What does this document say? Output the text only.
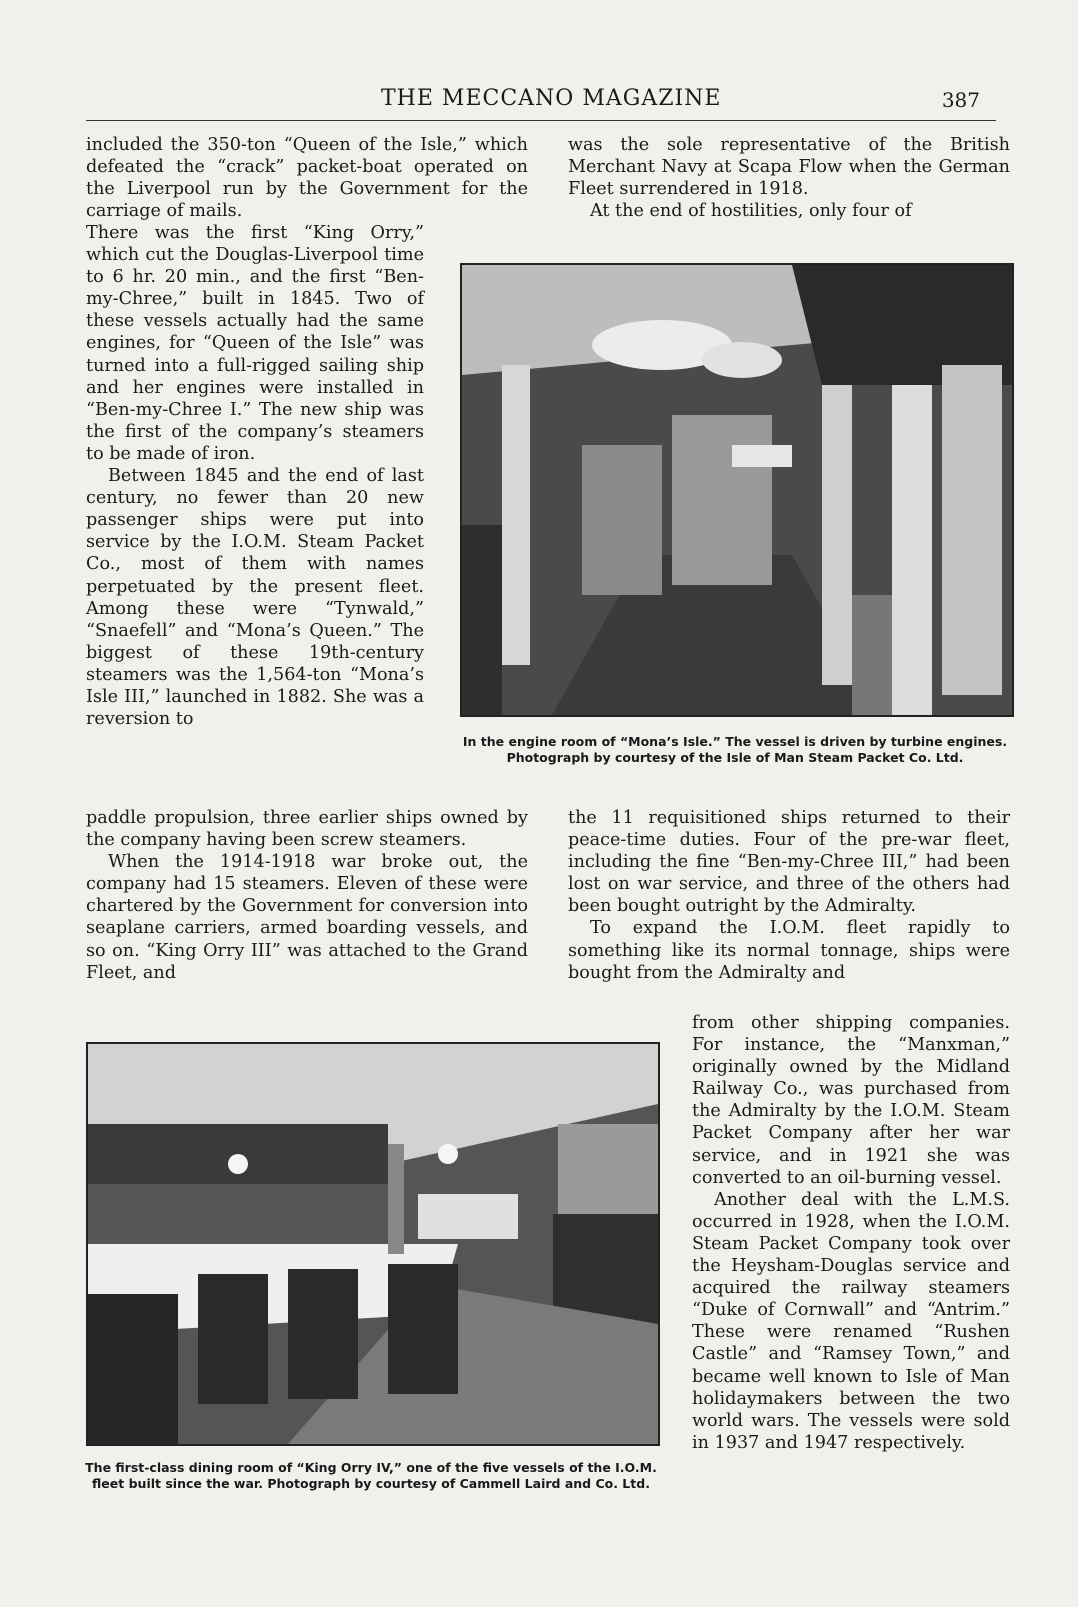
THE MECCANO MAGAZINE	387

included the 350-ton “Queen of the Isle,” which defeated the “crack” packet-boat operated on the Liverpool run by the Government for the carriage of mails.

There was the first “King Orry,” which cut the Douglas-Liverpool time to 6 hr. 20 min., and the first “Ben-my-Chree,” built in 1845. Two of these vessels actually had the same engines, for “Queen of the Isle” was turned into a full-rigged sailing ship and her engines were installed in “Ben-my-Chree I.” The new ship was the first of the company’s steamers to be made of iron.

Between 1845 and the end of last century, no fewer than 20 new passenger ships were put into service by the I.O.M. Steam Packet Co., most of them with names perpetuated by the present fleet. Among these were “Tynwald,” “Snaefell” and “Mona’s Queen.” The biggest of these 19th-century steamers was the 1,564-ton “Mona’s Isle III,” launched in 1882. She was a reversion to

paddle propulsion, three earlier ships owned by the company having been screw steamers.

When the 1914-1918 war broke out, the company had 15 steamers. Eleven of these were chartered by the Government for conversion into seaplane carriers, armed boarding vessels, and so on. “King Orry III” was attached to the Grand Fleet, and

was the sole representative of the British Merchant Navy at Scapa Flow when the German Fleet surrendered in 1918.

At the end of hostilities, only four of

In the engine room of “Mona’s Isle.” The vessel is driven by turbine engines. Photograph by courtesy of the Isle of Man Steam Packet Co. Ltd.

the 11 requisitioned ships returned to their peace-time duties. Four of the pre-war fleet, including the fine “Ben-my-Chree III,” had been lost on war service, and three of the others had been bought outright by the Admiralty.

To expand the I.O.M. fleet rapidly to something like its normal tonnage, ships were bought from the Admiralty and

from other shipping companies. For instance, the “Manxman,” originally owned by the Midland Railway Co., was purchased from the Admiralty by the I.O.M. Steam Packet Company after her war service, and in 1921 she was converted to an oil-burning vessel.

Another deal with the L.M.S. occurred in 1928, when the I.O.M. Steam Packet Company took over the Heysham-Douglas service and acquired the railway steamers “Duke of Cornwall” and “Antrim.” These were renamed “Rushen Castle” and “Ramsey Town,” and became well known to Isle of Man holidaymakers between the two world wars. The vessels were sold in 1937 and 1947 respectively.

The first-class dining room of “King Orry IV,” one of the five vessels of the I.O.M. fleet built since the war. Photograph by courtesy of Cammell Laird and Co. Ltd.
